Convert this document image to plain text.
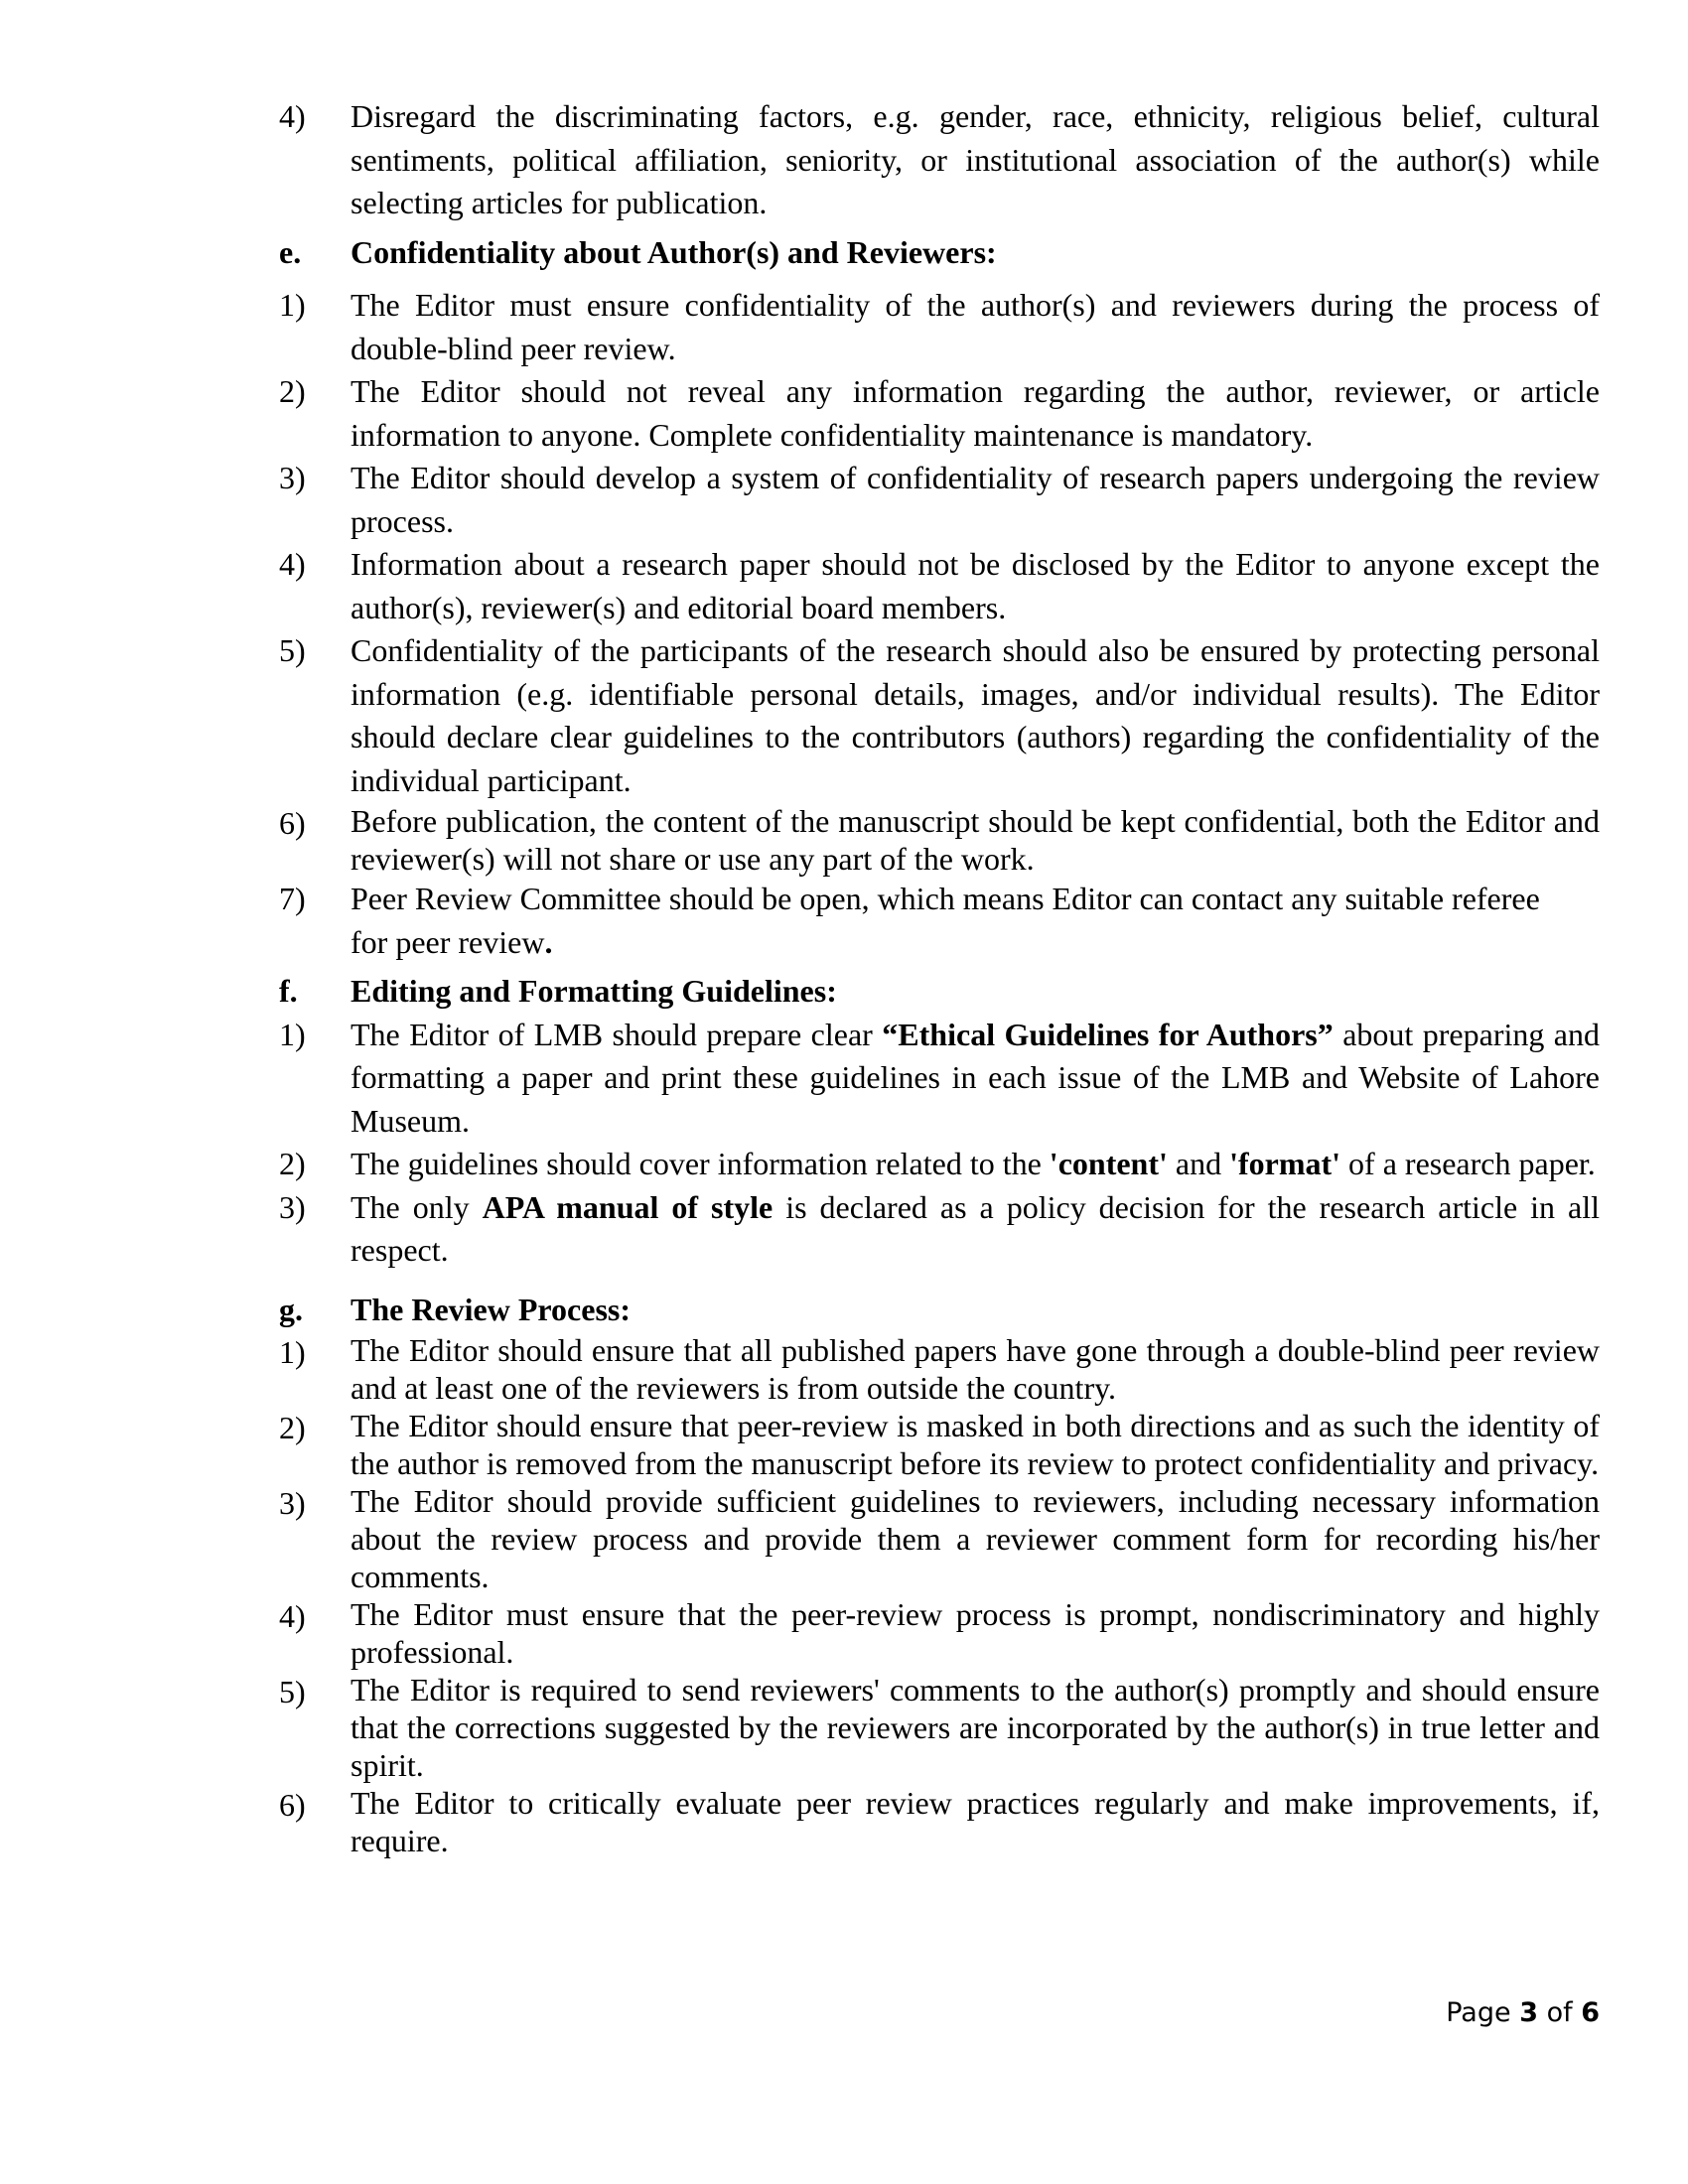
4)	Disregard the discriminating factors, e.g. gender, race, ethnicity, religious belief, cultural sentiments, political affiliation, seniority, or institutional association of the author(s) while selecting articles for publication.
e.	Confidentiality about Author(s) and Reviewers:
1)	The Editor must ensure confidentiality of the author(s) and reviewers during the process of double-blind peer review.
2)	The Editor should not reveal any information regarding the author, reviewer, or article information to anyone. Complete confidentiality maintenance is mandatory.
3)	The Editor should develop a system of confidentiality of research papers undergoing the review process.
4)	Information about a research paper should not be disclosed by the Editor to anyone except the author(s), reviewer(s) and editorial board members.
5)	Confidentiality of the participants of the research should also be ensured by protecting personal information (e.g. identifiable personal details, images, and/or individual results). The Editor should declare clear guidelines to the contributors (authors) regarding the confidentiality of the individual participant.
6)	Before publication, the content of the manuscript should be kept confidential, both the Editor and reviewer(s) will not share or use any part of the work.
7)	Peer Review Committee should be open, which means Editor can contact any suitable referee for peer review.
f.	Editing and Formatting Guidelines:
1)	The Editor of LMB should prepare clear “Ethical Guidelines for Authors” about preparing and formatting a paper and print these guidelines in each issue of the LMB and Website of Lahore Museum.
2)	The guidelines should cover information related to the 'content' and 'format' of a research paper.
3)	The only APA manual of style is declared as a policy decision for the research article in all respect.
g.	The Review Process:
1)	The Editor should ensure that all published papers have gone through a double-blind peer review and at least one of the reviewers is from outside the country.
2)	The Editor should ensure that peer-review is masked in both directions and as such the identity of the author is removed from the manuscript before its review to protect confidentiality and privacy.
3)	The Editor should provide sufficient guidelines to reviewers, including necessary information about the review process and provide them a reviewer comment form for recording his/her comments.
4)	The Editor must ensure that the peer-review process is prompt, nondiscriminatory and highly professional.
5)	The Editor is required to send reviewers' comments to the author(s) promptly and should ensure that the corrections suggested by the reviewers are incorporated by the author(s) in true letter and spirit.
6)	The Editor to critically evaluate peer review practices regularly and make improvements, if, require.
Page 3 of 6
